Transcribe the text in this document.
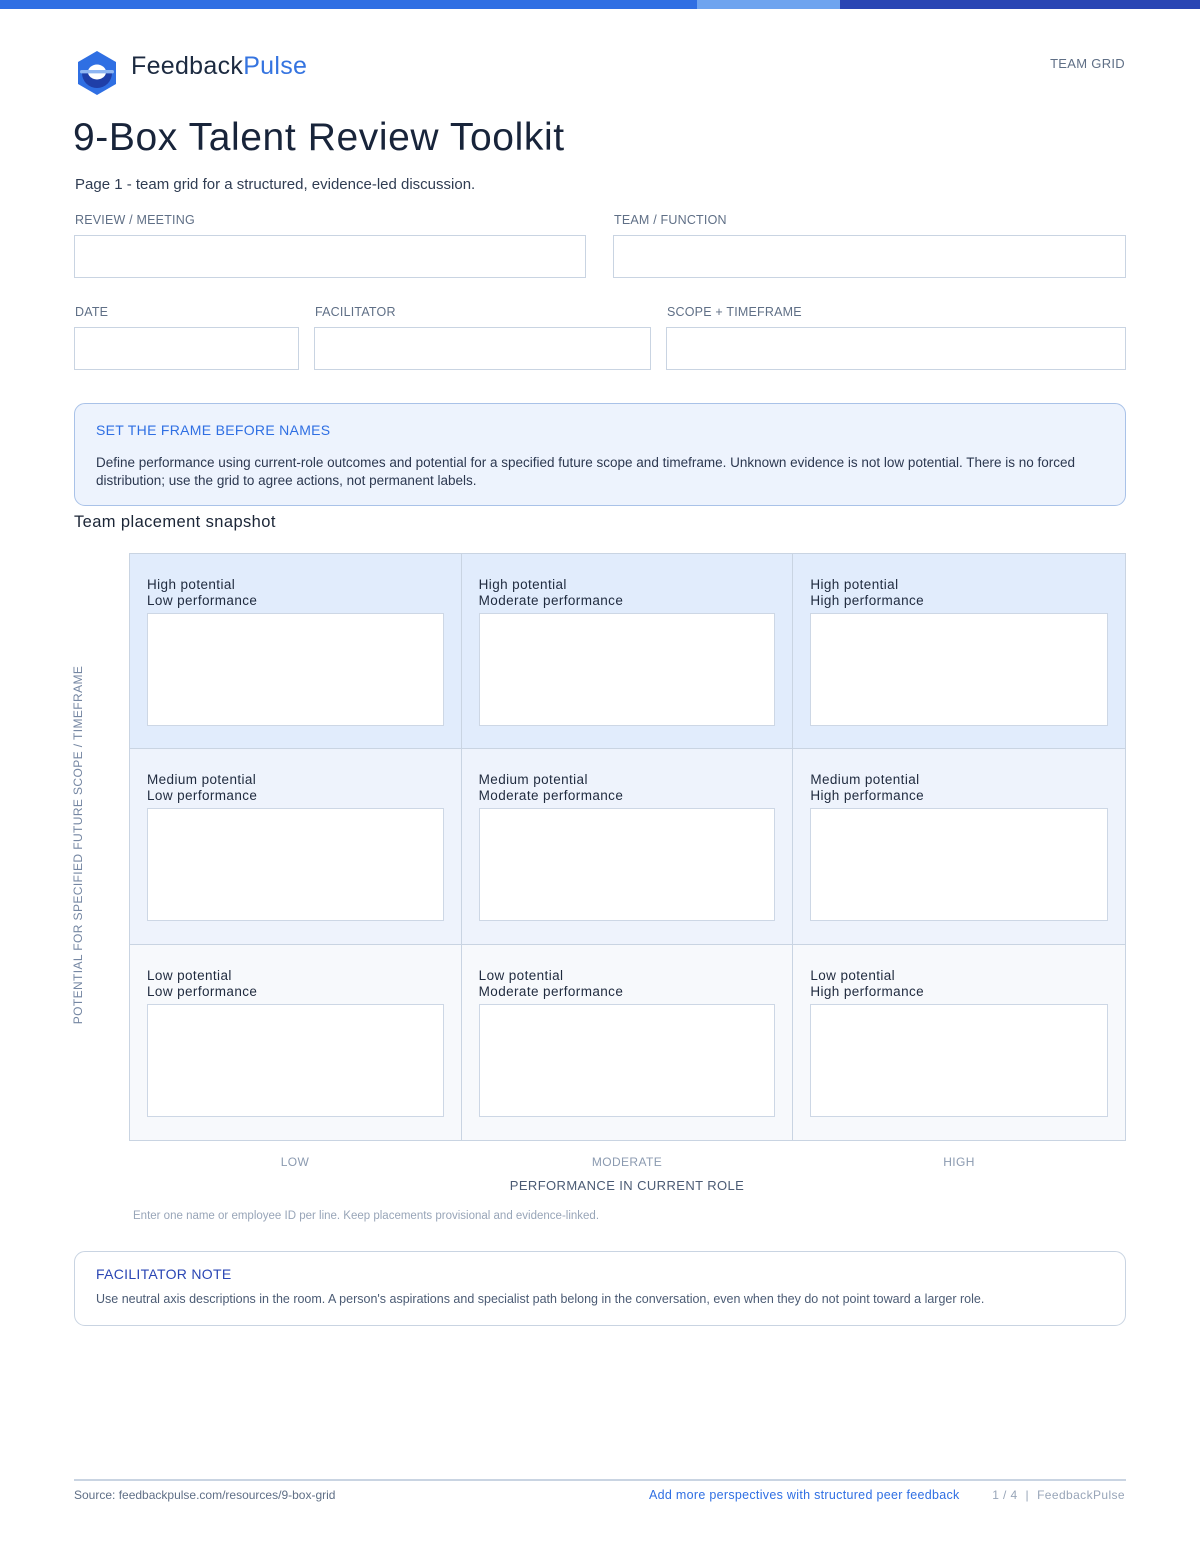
FeedbackPulse	TEAM GRID
9-Box Talent Review Toolkit
Page 1 - team grid for a structured, evidence-led discussion.
REVIEW / MEETING	TEAM / FUNCTION
DATE	FACILITATOR	SCOPE + TIMEFRAME
SET THE FRAME BEFORE NAMES
Define performance using current-role outcomes and potential for a specified future scope and timeframe. Unknown evidence is not low potential. There is no forced distribution; use the grid to agree actions, not permanent labels.
Team placement snapshot
POTENTIAL FOR SPECIFIED FUTURE SCOPE / TIMEFRAME
High potential
Low performance
High potential
Moderate performance
High potential
High performance
Medium potential
Low performance
Medium potential
Moderate performance
Medium potential
High performance
Low potential
Low performance
Low potential
Moderate performance
Low potential
High performance
LOW	MODERATE	HIGH
PERFORMANCE IN CURRENT ROLE
Enter one name or employee ID per line. Keep placements provisional and evidence-linked.
FACILITATOR NOTE
Use neutral axis descriptions in the room. A person's aspirations and specialist path belong in the conversation, even when they do not point toward a larger role.
Source: feedbackpulse.com/resources/9-box-grid	Add more perspectives with structured peer feedback	1 / 4 | FeedbackPulse
